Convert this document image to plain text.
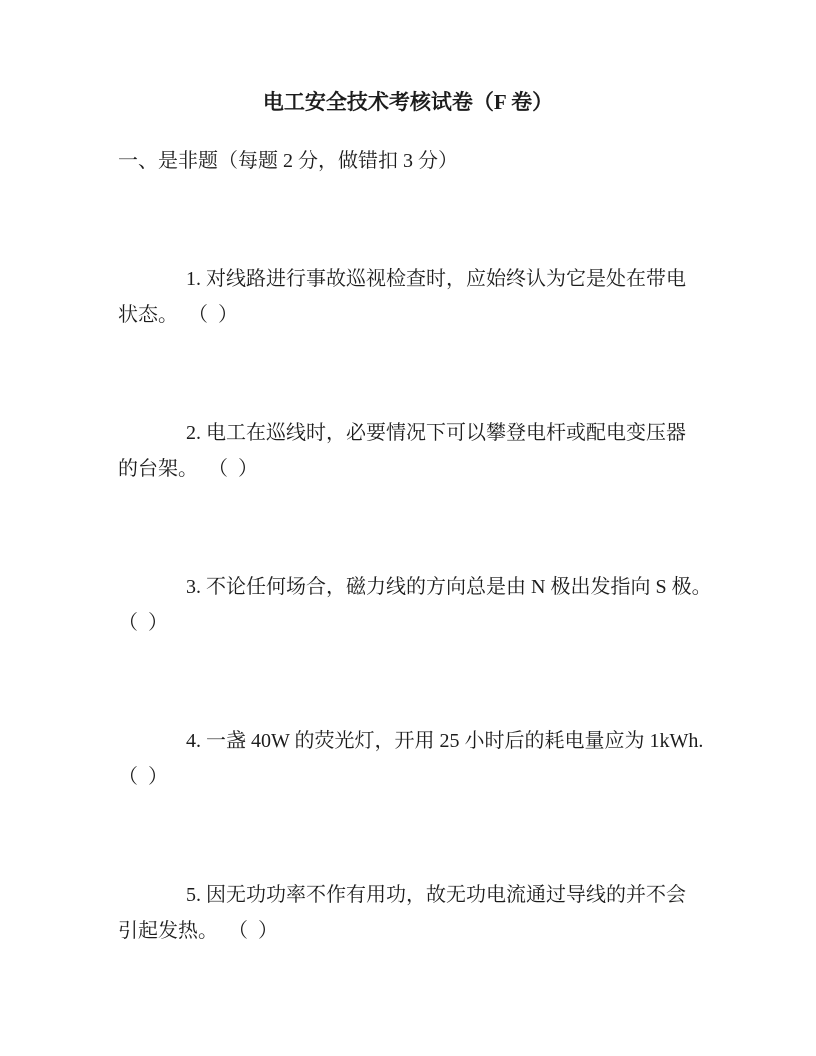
电工安全技术考核试卷（F 卷）
一、是非题（每题 2 分，做错扣 3 分）
1. 对线路进行事故巡视检查时，应始终认为它是处在带电
状态。  （  ）
2. 电工在巡线时，必要情况下可以攀登电杆或配电变压器
的台架。  （  ）
3. 不论任何场合，磁力线的方向总是由 N 极出发指向 S 极。
（  ）
4. 一盏 40W 的荧光灯，开用 25 小时后的耗电量应为 1kWh.
（  ）
5. 因无功功率不作有用功，故无功电流通过导线的并不会
引起发热。  （  ）
